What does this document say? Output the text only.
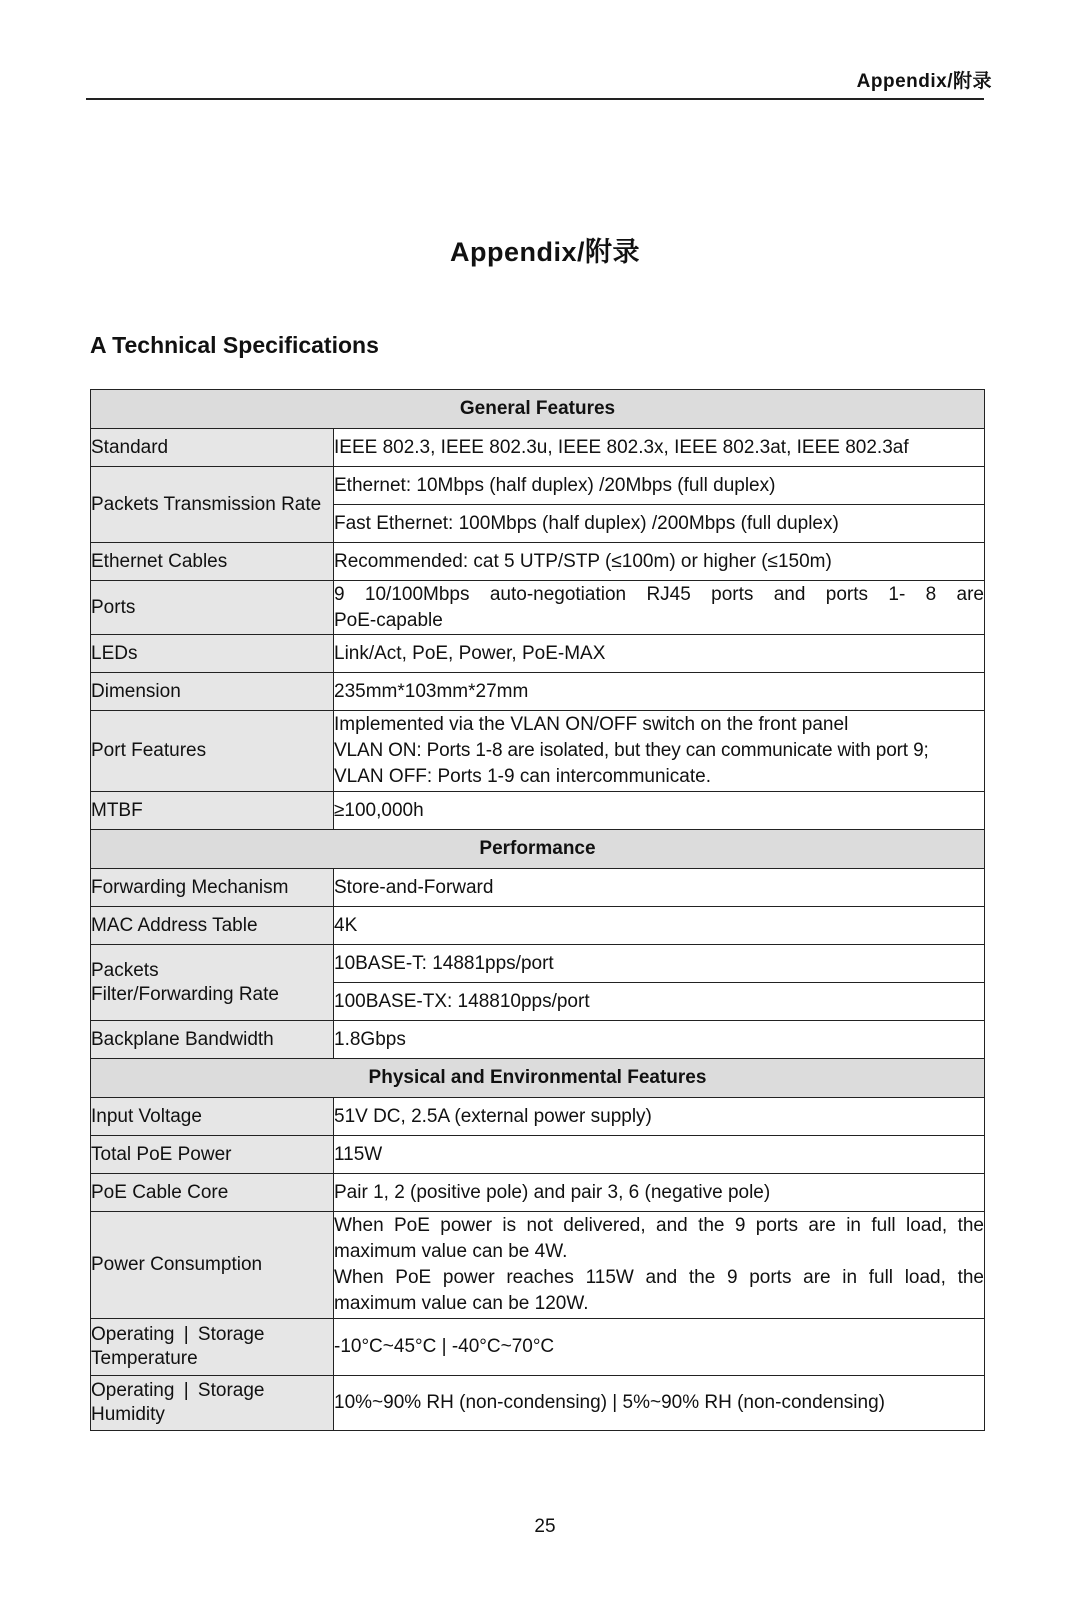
Appendix/附录
Appendix/附录
A Technical Specifications
General Features	
Standard	IEEE 802.3, IEEE 802.3u, IEEE 802.3x, IEEE 802.3at, IEEE 802.3af
Packets Transmission Rate	Ethernet: 10Mbps (half duplex) /20Mbps (full duplex)
	Fast Ethernet: 100Mbps (half duplex) /200Mbps (full duplex)
Ethernet Cables	Recommended: cat 5 UTP/STP (≤100m) or higher (≤150m)
Ports	9 10/100Mbps auto-negotiation RJ45 ports and ports 1- 8 are
PoE-capable
LEDs	Link/Act, PoE, Power, PoE-MAX
Dimension	235mm*103mm*27mm
Port Features	Implemented via the VLAN ON/OFF switch on the front panel
VLAN ON: Ports 1-8 are isolated, but they can communicate with port 9;
VLAN OFF: Ports 1-9 can intercommunicate.

MTBF	≥100,000h
Performance	
Forwarding Mechanism	Store-and-Forward
MAC Address Table	4K

Packets
Filter/Forwarding Rate	10BASE-T: 14881pps/port
	100BASE-TX: 148810pps/port
Backplane Bandwidth	1.8Gbps
Physical and Environmental Features	
Input Voltage	51V DC, 2.5A (external power supply)
Total PoE Power	115W
PoE Cable Core	Pair 1, 2 (positive pole) and pair 3, 6 (negative pole)
Power Consumption	When PoE power is not delivered, and the 9 ports are in full load, the maximum value can be 4W.
When PoE power reaches 115W and the 9 ports are in full load, the maximum value can be 120W.

Operating | Storage Temperature	-10°C~45°C | -40°C~70°C
Operating | Storage Humidity	10%~90% RH (non-condensing) | 5%~90% RH (non-condensing)
25
